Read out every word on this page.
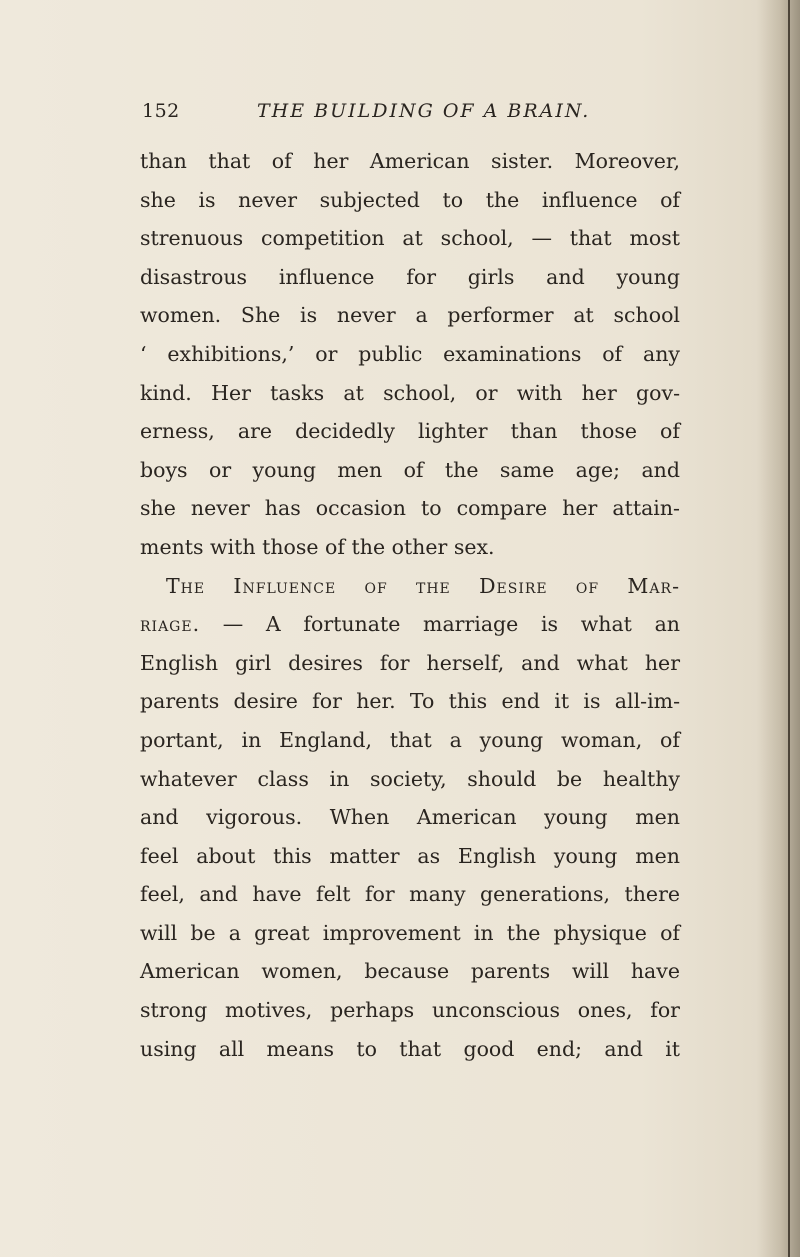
152	THE BUILDING OF A BRAIN.
than that of her American sister. Moreover,
she is never subjected to the influence of
strenuous competition at school, — that most
disastrous influence for girls and young
women. She is never a performer at school
‘ exhibitions,’ or public examinations of any
kind. Her tasks at school, or with her gov-
erness, are decidedly lighter than those of
boys or young men of the same age; and
she never has occasion to compare her attain-
ments with those of the other sex.
The Influence of the Desire of Mar-
riage. — A fortunate marriage is what an
English girl desires for herself, and what her
parents desire for her. To this end it is all-im-
portant, in England, that a young woman, of
whatever class in society, should be healthy
and vigorous. When American young men
feel about this matter as English young men
feel, and have felt for many generations, there
will be a great improvement in the physique of
American women, because parents will have
strong motives, perhaps unconscious ones, for
using all means to that good end; and it
